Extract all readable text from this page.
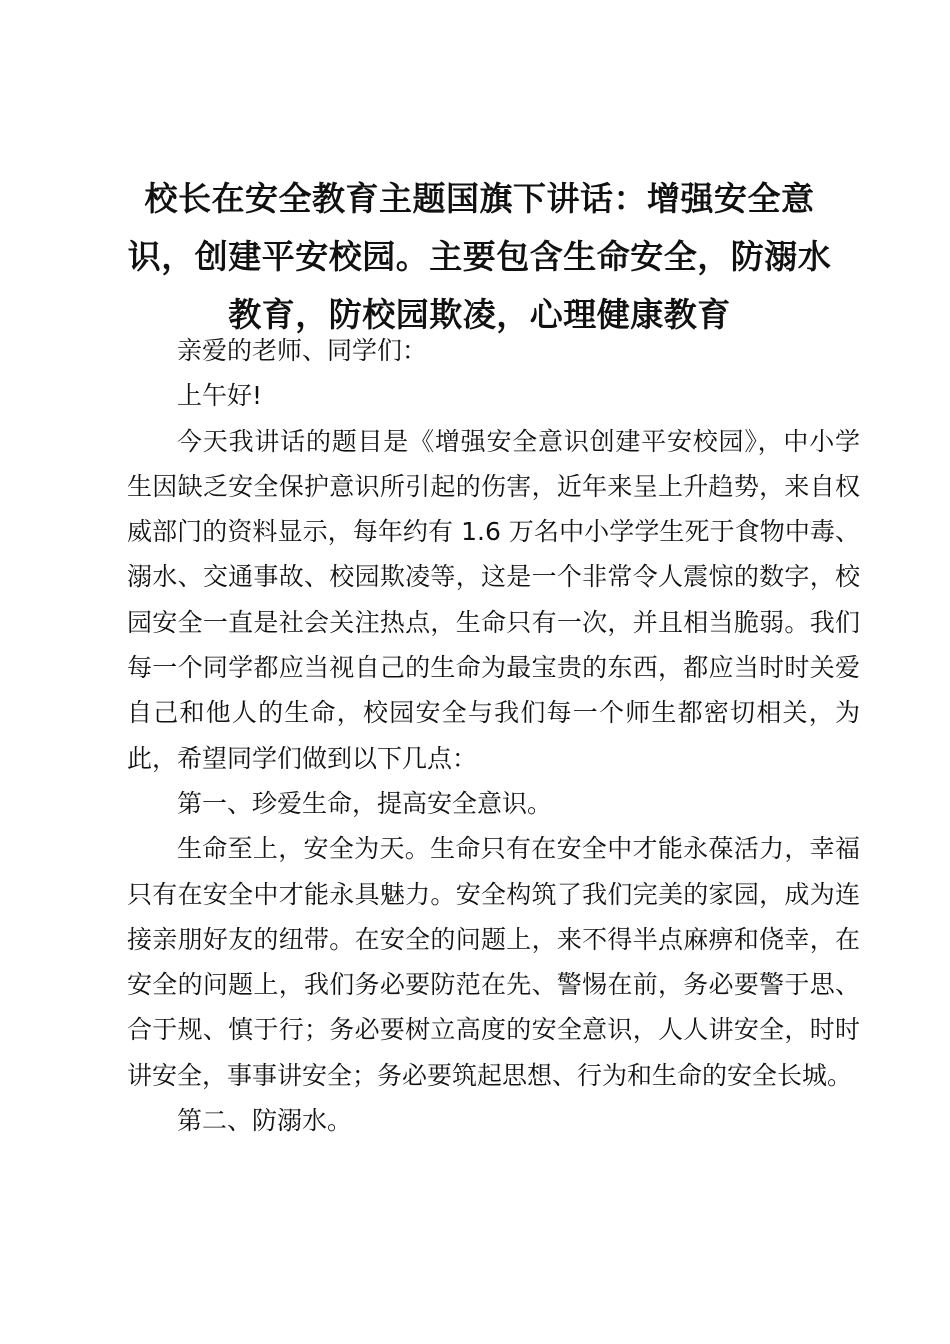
校长在安全教育主题国旗下讲话：增强安全意识，创建平安校园。主要包含生命安全，防溺水教育，防校园欺凌，心理健康教育

亲爱的老师、同学们：

上午好!

今天我讲话的题目是《增强安全意识创建平安校园》，中小学生因缺乏安全保护意识所引起的伤害，近年来呈上升趋势，来自权威部门的资料显示，每年约有 1.6 万名中小学学生死于食物中毒、溺水、交通事故、校园欺凌等，这是一个非常令人震惊的数字，校园安全一直是社会关注热点，生命只有一次，并且相当脆弱。我们每一个同学都应当视自己的生命为最宝贵的东西，都应当时时关爱自己和他人的生命，校园安全与我们每一个师生都密切相关，为此，希望同学们做到以下几点：

第一、珍爱生命，提高安全意识。

生命至上，安全为天。生命只有在安全中才能永葆活力，幸福只有在安全中才能永具魅力。安全构筑了我们完美的家园，成为连接亲朋好友的纽带。在安全的问题上，来不得半点麻痹和侥幸，在安全的问题上，我们务必要防范在先、警惕在前，务必要警于思、合于规、慎于行；务必要树立高度的安全意识，人人讲安全，时时讲安全，事事讲安全；务必要筑起思想、行为和生命的安全长城。

第二、防溺水。
